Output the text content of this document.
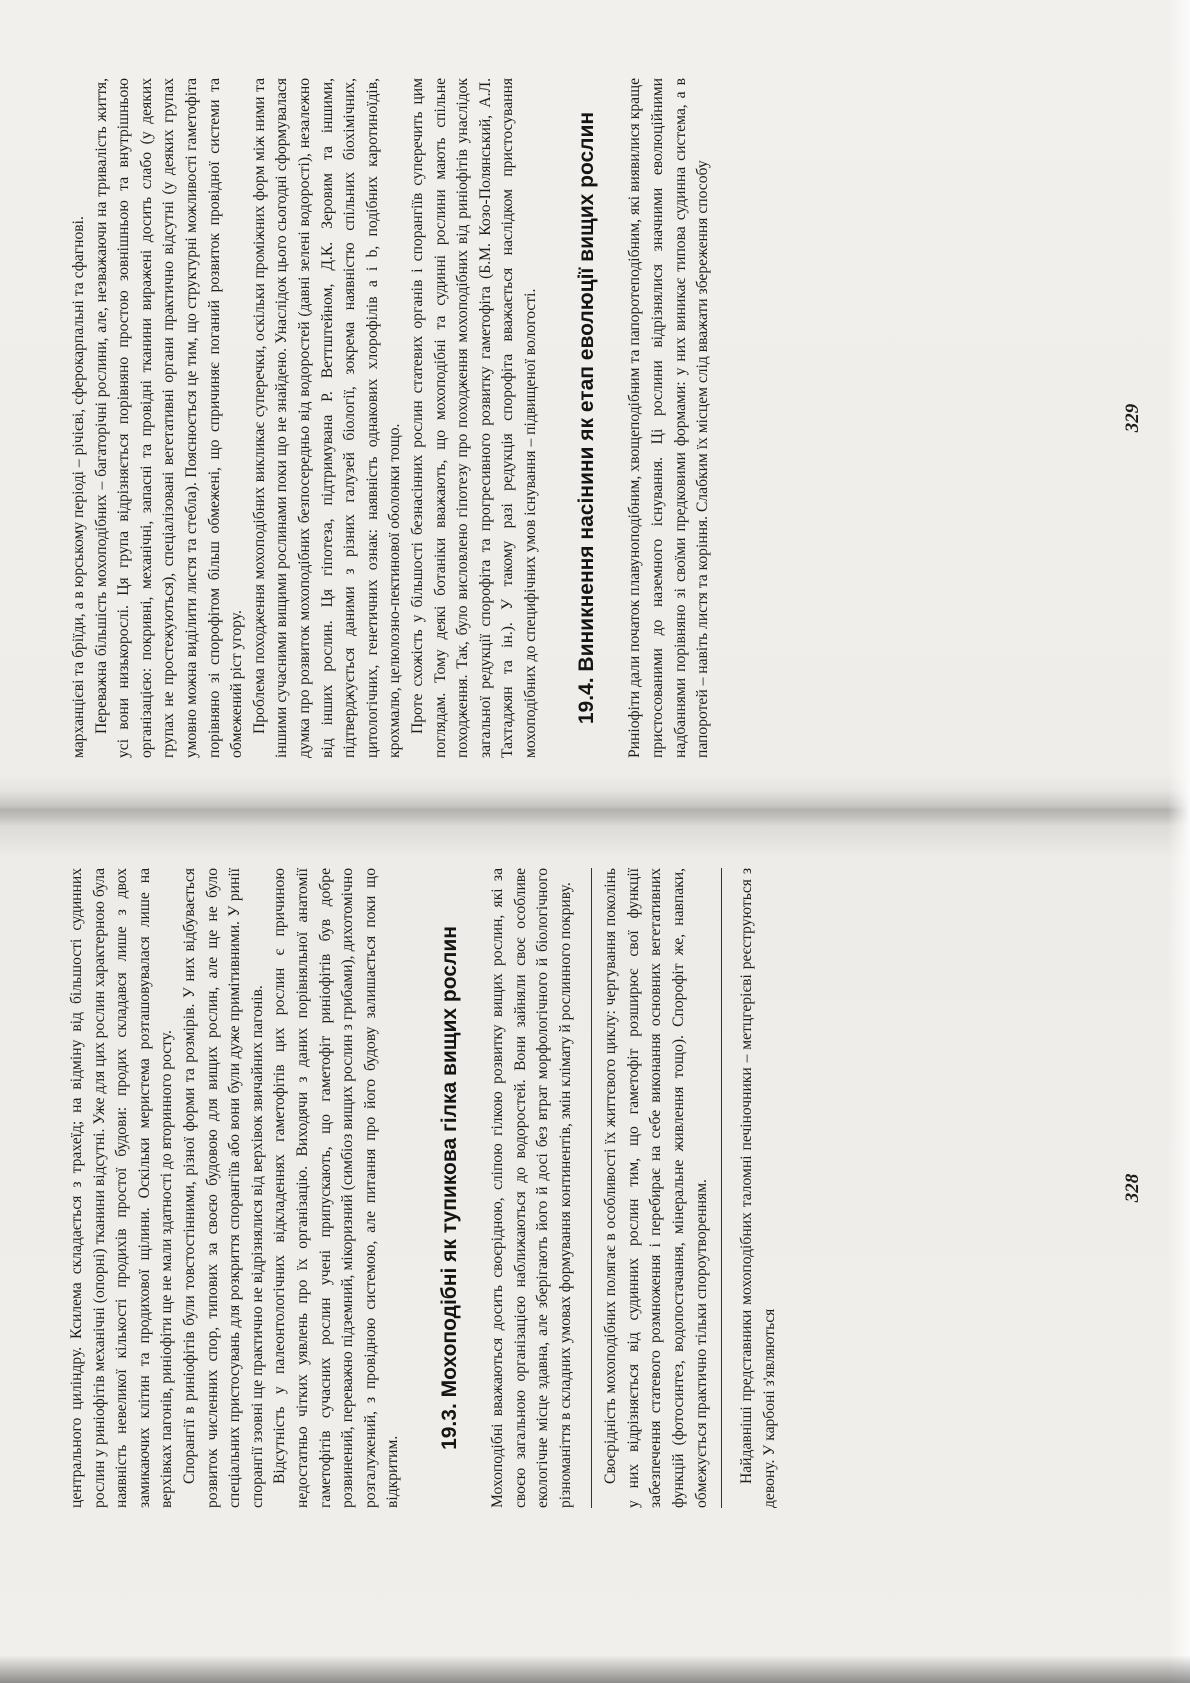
центрального циліндру. Ксилема складається з трахеїд; на відміну від більшості судинних рослин у риніофітів механічні (опорні) тканини відсутні. Уже для цих рослин характерною була наявність невеликої кількості продихів простої будови: продих складався лише з двох замикаючих клітин та продихової щілини. Оскільки меристема розташовувалася лише на верхівках пагонів, риніофіти ще не мали здатності до вторинного росту. Спорангії в риніофітів були товстостінними, різної форми та розмірів. У них відбувається розвиток численних спор, типових за своєю будовою для вищих рослин, але ще не було спеціальних пристосувань для розкриття спорангіїв або вони були дуже примітивними. У ринії спорангії ззовні ще практично не відрізнялися від верхівок звичайних пагонів. Відсутність у палеонтологічних відкладеннях гаметофітів цих рослин є причиною недостатньо чітких уявлень про їх організацію. Виходячи з даних порівняльної анатомії гаметофітів сучасних рослин учені припускають, що гаметофіт риніофітів був добре розвинений, переважно підземний, мікоризний (симбіоз вищих рослин з грибами), дихотомічно розгалужений, з провідною системою, але питання про його будову залишається поки що відкритим.

19.3. Мохоподібні як тупикова гілка вищих рослин Мохоподібні вважаються досить своєрідною, сліпою гілкою розвитку вищих рослин, які за своєю загальною організацією наближаються до водоростей. Вони зайняли своє особливе екологічне місце здавна, але зберігають його й досі без втрат морфологічного й біологічного різноманіття в складних умовах формування континентів, змін клімату й рослинного покриву. Своєрідність мохоподібних полягає в особливості їх життєвого циклу: чергування поколінь у них відрізняється від судинних рослин тим, що гаметофіт розширює свої функції забезпечення статевого розмноження і перебирає на себе виконання основних вегетативних функцій (фотосинтез, водопостачання, мінеральне живлення тощо). Спорофіт же, навпаки, обмежується практично тільки спороутворенням. Найдавніші представники мохоподібних таломні печіночники – метцгерієві реєструються з девону. У карбоні з'являються

328

марханцієві та бріїди, а в юрському періоді – річієві, сферокарпальні та сфагнові. Переважна більшість мохоподібних – багаторічні рослини, але, незважаючи на тривалість життя, усі вони низькорослі. Ця група відрізняється порівняно простою зовнішньою та внутрішньою організацією: покривні, механічні, запасні та провідні тканини виражені досить слабо (у деяких групах не простежуються), спеціалізовані вегетативні органи практично відсутні (у деяких групах умовно можна виділити листя та стебла). Пояснюється це тим, що структурні можливості гаметофіта порівняно зі спорофітом більш обмежені, що спричиняє поганий розвиток провідної системи та обмежений ріст угору. Проблема походження мохоподібних викликає суперечки, оскільки проміжних форм між ними та іншими сучасними вищими рослинами поки що не знайдено. Унаслідок цього сьогодні сформувалася думка про розвиток мохоподібних безпосередньо від водоростей (давні зелені водорості), незалежно від інших рослин. Ця гіпотеза, підтримувана Р. Веттштейном, Д.К. Зеровим та іншими, підтверджується даними з різних галузей біології, зокрема наявністю спільних біохімічних, цитологічних, генетичних ознак: наявність однакових хлорофілів a і b, подібних каротиноїдів, крохмалю, целюлозно-пектинової оболонки тощо. Проте схожість у більшості безнасінних рослин статевих органів і спорангіїв суперечить цим поглядам. Тому деякі ботаніки вважають, що мохоподібні та судинні рослини мають спільне походження. Так, було висловлено гіпотезу про походження мохоподібних від риніофітів унаслідок загальної редукції спорофіта та прогресивного розвитку гаметофіта (Б.М. Козо-Полянський, А.Л. Тахтаджян та ін.). У такому разі редукція спорофіта вважається наслідком пристосування мохоподібних до специфічних умов існування – підвищеної вологості. 19.4. Виникнення насінини як етап еволюції вищих рослин Риніофіти дали початок плавуноподібним, хвощеподібним та папоротеподібним, які виявилися краще пристосованими до наземного існування. Ці рослини відрізнялися значними еволюційними надбаннями порівняно зі своїми предковими формами: у них виникає типова судинна система, а в папоротей – навіть листя та коріння. Слабким їх місцем слід вважати збереження способу	329
